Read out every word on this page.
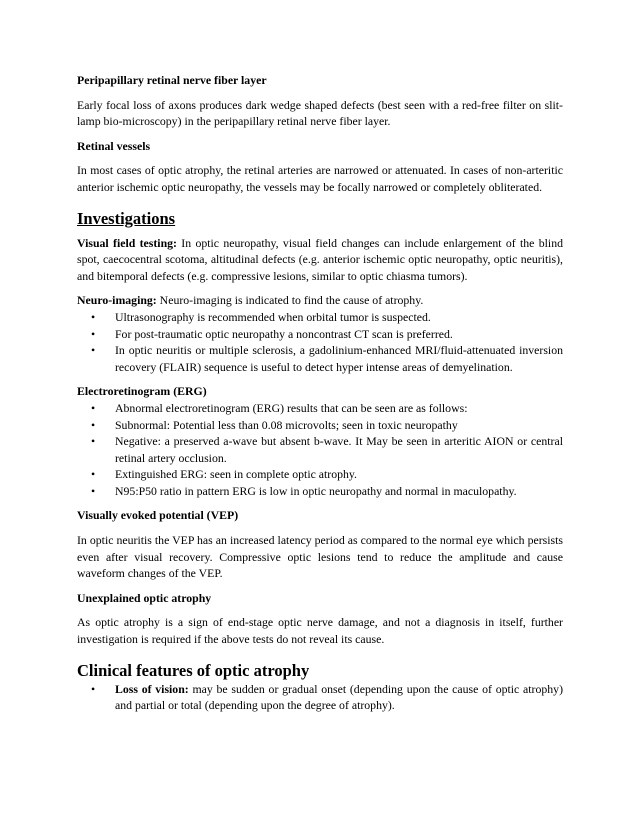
Peripapillary retinal nerve fiber layer

Early focal loss of axons produces dark wedge shaped defects (best seen with a red-free filter on slit-lamp bio-microscopy) in the peripapillary retinal nerve fiber layer.

Retinal vessels

In most cases of optic atrophy, the retinal arteries are narrowed or attenuated. In cases of non-arteritic anterior ischemic optic neuropathy, the vessels may be focally narrowed or completely obliterated.

Investigations

Visual field testing: In optic neuropathy, visual field changes can include enlargement of the blind spot, caecocentral scotoma, altitudinal defects (e.g. anterior ischemic optic neuropathy, optic neuritis), and bitemporal defects (e.g. compressive lesions, similar to optic chiasma tumors).

Neuro-imaging: Neuro-imaging is indicated to find the cause of atrophy.

• Ultrasonography is recommended when orbital tumor is suspected.
• For post-traumatic optic neuropathy a noncontrast CT scan is preferred.
• In optic neuritis or multiple sclerosis, a gadolinium-enhanced MRI/fluid-attenuated inversion recovery (FLAIR) sequence is useful to detect hyper intense areas of demyelination.

Electroretinogram (ERG)

• Abnormal electroretinogram (ERG) results that can be seen are as follows:
• Subnormal: Potential less than 0.08 microvolts; seen in toxic neuropathy
• Negative: a preserved a-wave but absent b-wave. It May be seen in arteritic AION or central retinal artery occlusion.
• Extinguished ERG: seen in complete optic atrophy.
• N95:P50 ratio in pattern ERG is low in optic neuropathy and normal in maculopathy.

Visually evoked potential (VEP)

In optic neuritis the VEP has an increased latency period as compared to the normal eye which persists even after visual recovery. Compressive optic lesions tend to reduce the amplitude and cause waveform changes of the VEP.

Unexplained optic atrophy

As optic atrophy is a sign of end-stage optic nerve damage, and not a diagnosis in itself, further investigation is required if the above tests do not reveal its cause.

Clinical features of optic atrophy

• Loss of vision: may be sudden or gradual onset (depending upon the cause of optic atrophy) and partial or total (depending upon the degree of atrophy).
